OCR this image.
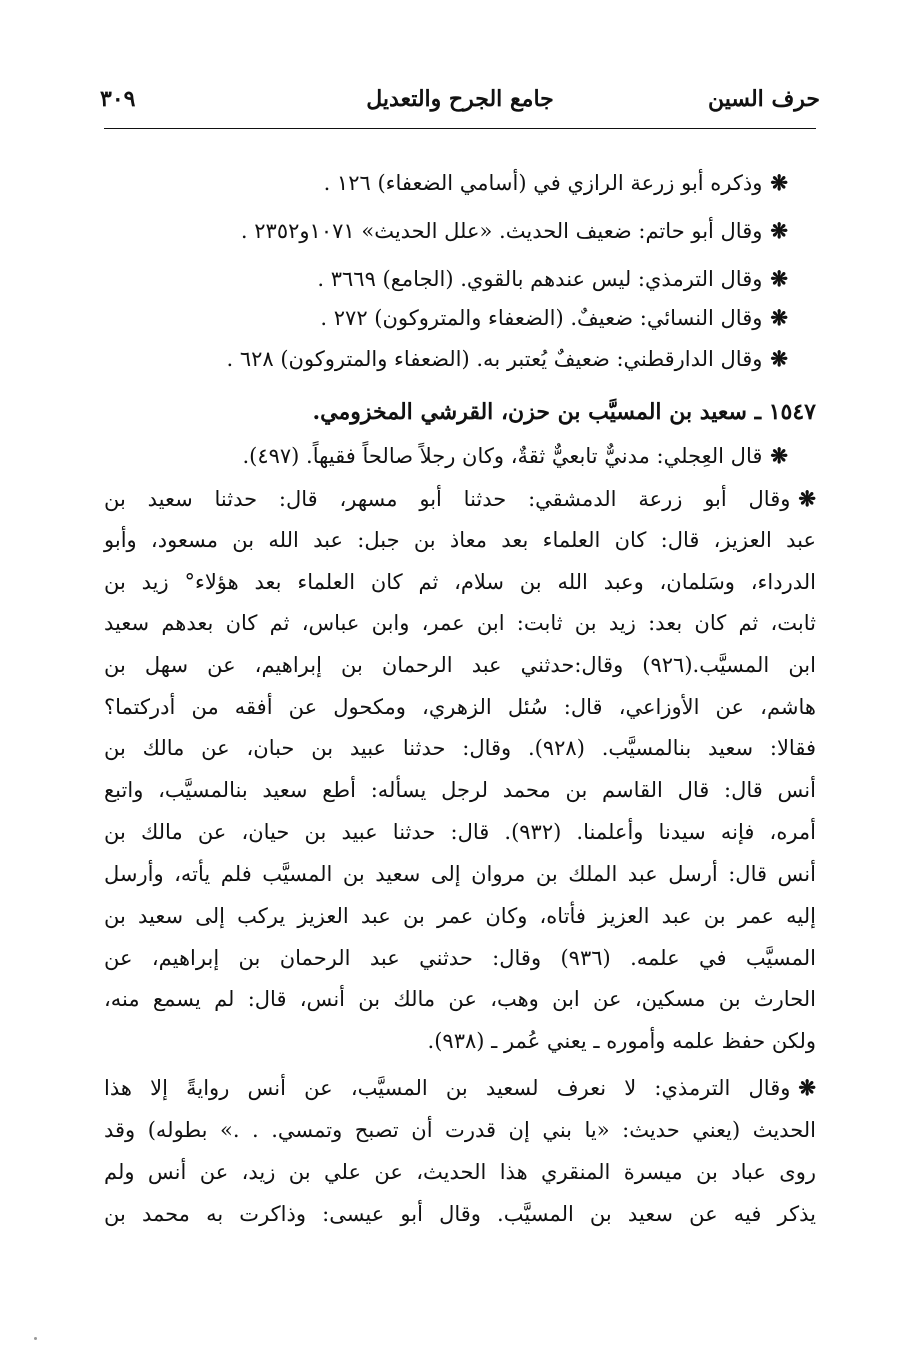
حرف السين
جامع الجرح والتعديل
٣٠٩
❋وذكره أبو زرعة الرازي في (أسامي الضعفاء) ١٢٦ .
❋وقال أبو حاتم: ضعيف الحديث. «علل الحديث» ١٠٧١و٢٣٥٢ .
❋وقال الترمذي: ليس عندهم بالقوي. (الجامع) ٣٦٦٩ .
❋وقال النسائي: ضعيفٌ. (الضعفاء والمتروكون) ٢٧٢ .
❋وقال الدارقطني: ضعيفٌ يُعتبر به. (الضعفاء والمتروكون) ٦٢٨ .
١٥٤٧ ـ سعيد بن المسيَّب بن حزن، القرشي المخزومي.
❋قال العِجلي: مدنيٌّ تابعيٌّ ثقةٌ، وكان رجلاً صالحاً فقيهاً. (٤٩٧).
❋وقال أبو زرعة الدمشقي: حدثنا أبو مسهر، قال: حدثنا سعيد بن
عبد العزيز، قال: كان العلماء بعد معاذ بن جبل: عبد الله بن مسعود، وأبو
الدرداء، وسَلمان، وعبد الله بن سلام، ثم كان العلماء بعد هؤلاء° زيد بن
ثابت، ثم كان بعد: زيد بن ثابت: ابن عمر، وابن عباس، ثم كان بعدهم سعيد
ابن المسيَّب.(٩٢٦) وقال:حدثني عبد الرحمان بن إبراهيم، عن سهل بن
هاشم، عن الأوزاعي، قال: سُئل الزهري، ومكحول عن أفقه من أدركتما؟
فقالا: سعيد بنالمسيَّب. (٩٢٨). وقال: حدثنا عبيد بن حبان، عن مالك بن
أنس قال: قال القاسم بن محمد لرجل يسأله: أطع سعيد بنالمسيَّب، واتبع
أمره، فإنه سيدنا وأعلمنا. (٩٣٢). قال: حدثنا عبيد بن حيان، عن مالك بن
أنس قال: أرسل عبد الملك بن مروان إلى سعيد بن المسيَّب فلم يأته، وأرسل
إليه عمر بن عبد العزيز فأتاه، وكان عمر بن عبد العزيز يركب إلى سعيد بن
المسيَّب في علمه. (٩٣٦) وقال: حدثني عبد الرحمان بن إبراهيم، عن
الحارث بن مسكين، عن ابن وهب، عن مالك بن أنس، قال: لم يسمع منه،
ولكن حفظ علمه وأموره ـ يعني عُمر ـ (٩٣٨).
❋وقال الترمذي: لا نعرف لسعيد بن المسيَّب، عن أنس روايةً إلا هذا
الحديث (يعني حديث: «يا بني إن قدرت أن تصبح وتمسي. . .» بطوله) وقد
روى عباد بن ميسرة المنقري هذا الحديث، عن علي بن زيد، عن أنس ولم
يذكر فيه عن سعيد بن المسيَّب. وقال أبو عيسى: وذاكرت به محمد بن
